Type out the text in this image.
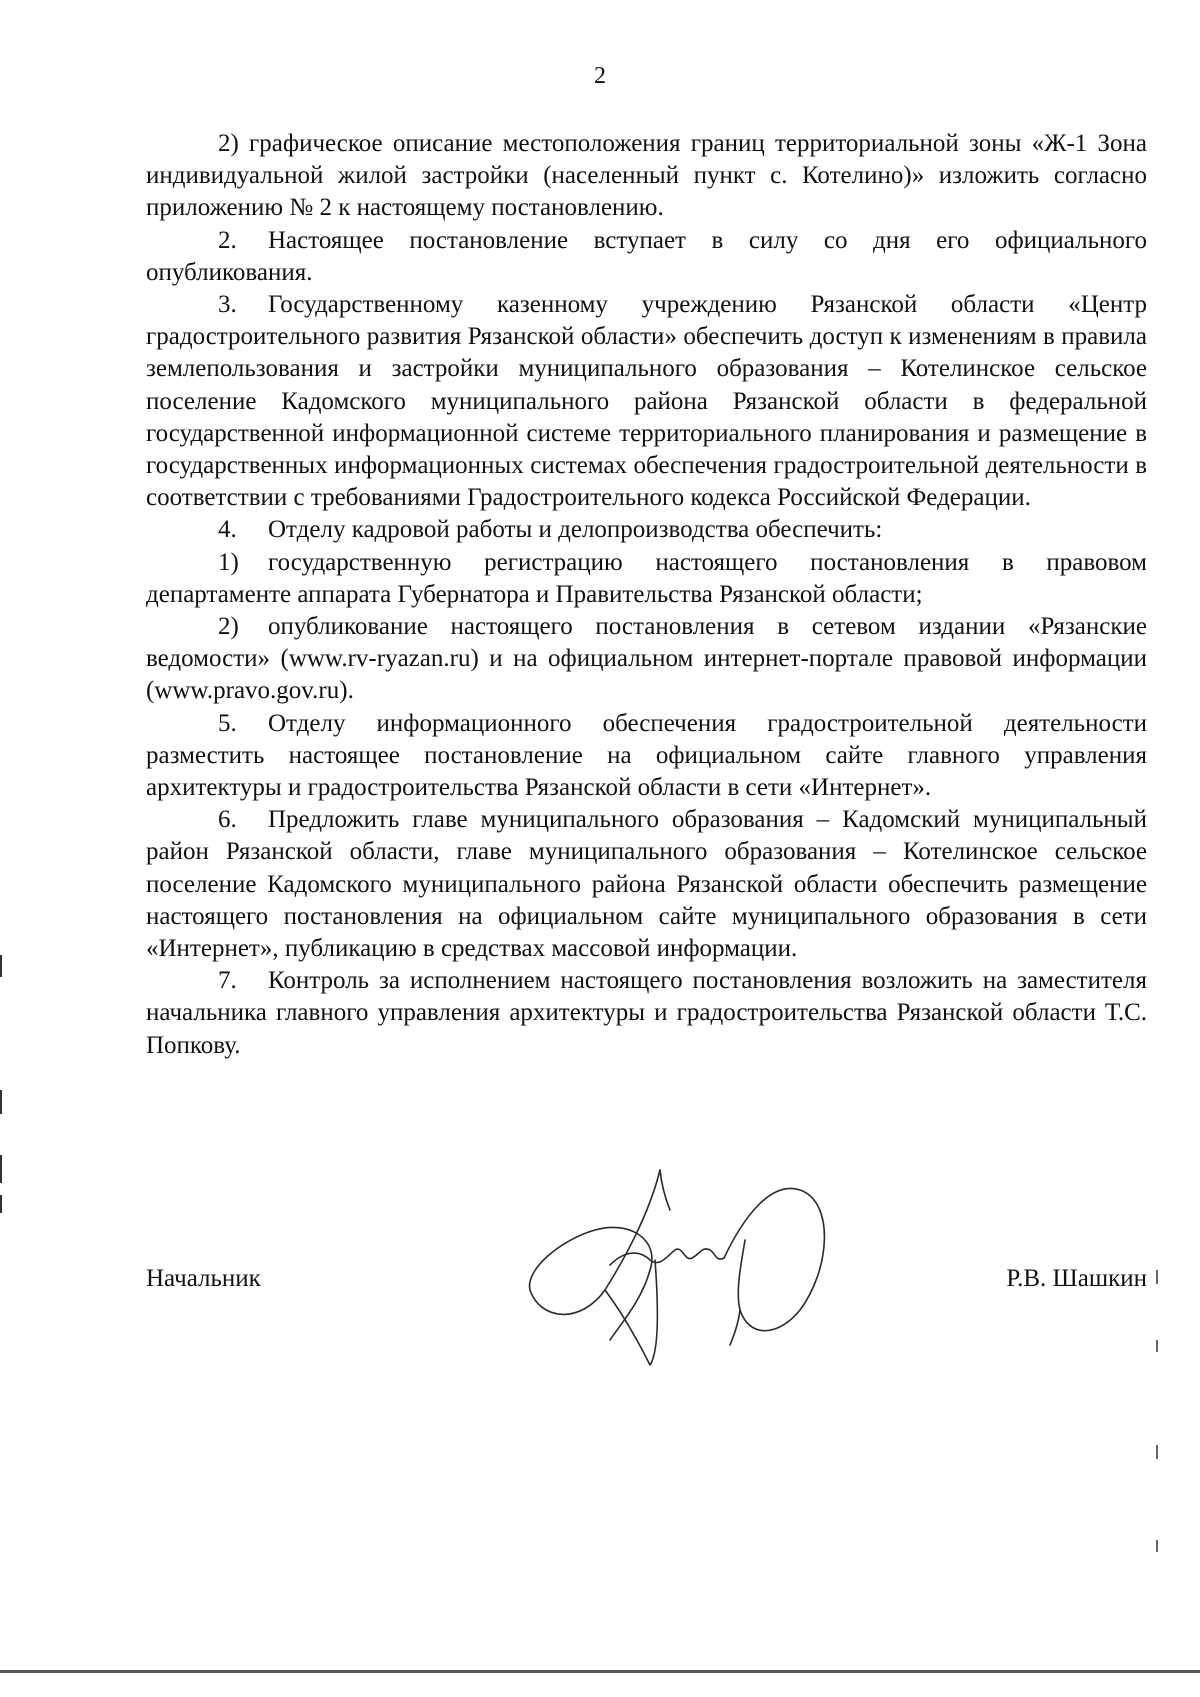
2

2) графическое описание местоположения границ территориальной зоны «Ж-1 Зона индивидуальной жилой застройки (населенный пункт с. Котелино)» изложить согласно приложению № 2 к настоящему постановлению.

2. Настоящее постановление вступает в силу со дня его официального опубликования.

3. Государственному казенному учреждению Рязанской области «Центр градостроительного развития Рязанской области» обеспечить доступ к изменениям в правила землепользования и застройки муниципального образования – Котелинское сельское поселение Кадомского муниципального района Рязанской области в федеральной государственной информационной системе территориального планирования и размещение в государственных информационных системах обеспечения градостроительной деятельности в соответствии с требованиями Градостроительного кодекса Российской Федерации.

4. Отделу кадровой работы и делопроизводства обеспечить:

1) государственную регистрацию настоящего постановления в правовом департаменте аппарата Губернатора и Правительства Рязанской области;

2) опубликование настоящего постановления в сетевом издании «Рязанские ведомости» (www.rv-ryazan.ru) и на официальном интернет-портале правовой информации (www.pravo.gov.ru).

5. Отделу информационного обеспечения градостроительной деятельности разместить настоящее постановление на официальном сайте главного управления архитектуры и градостроительства Рязанской области в сети «Интернет».

6. Предложить главе муниципального образования – Кадомский муниципальный район Рязанской области, главе муниципального образования – Котелинское сельское поселение Кадомского муниципального района Рязанской области обеспечить размещение настоящего постановления на официальном сайте муниципального образования в сети «Интернет», публикацию в средствах массовой информации.

7. Контроль за исполнением настоящего постановления возложить на заместителя начальника главного управления архитектуры и градостроительства Рязанской области Т.С. Попкову.

Начальник	Р.В. Шашкин
